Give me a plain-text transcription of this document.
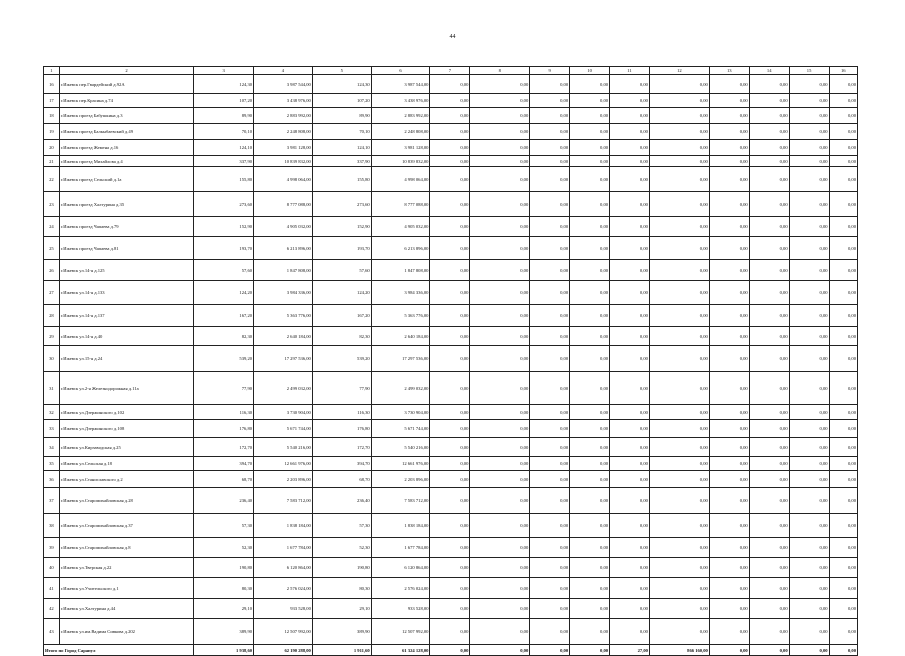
44
1	2	3	4	5	6	7	8	9	10	11	12	13	14	15	16
16	г.Ижевск пер.Гвардейский д.92А	124,30	3 987 544,00	124,30	3 987 544,00	0,00	0,00	0,00	0,00	0,00	0,00	0,00	0,00	0,00	0,00
17	г.Ижевск пер.Красина д.74	107,20	3 438 976,00	107,20	3 438 976,00	0,00	0,00	0,00	0,00	0,00	0,00	0,00	0,00	0,00	0,00
18	г.Ижевск проезд Бабушкина д.3	89,90	2 883 992,00	89,90	2 883 992,00	0,00	0,00	0,00	0,00	0,00	0,00	0,00	0,00	0,00	0,00
19	г.Ижевск проезд Балкыбаевский д.49	70,10	2 248 808,00	70,10	2 248 808,00	0,00	0,00	0,00	0,00	0,00	0,00	0,00	0,00	0,00	0,00
20	г.Ижевск проезд Жемена д.16	124,10	3 981 128,00	124,10	3 981 128,00	0,00	0,00	0,00	0,00	0,00	0,00	0,00	0,00	0,00	0,00
21	г.Ижевск проезд Михайлова д.4	337,90	10 839 832,00	337,90	10 839 832,00	0,00	0,00	0,00	0,00	0,00	0,00	0,00	0,00	0,00	0,00
22	г.Ижевск проезд Сельский д.1а	155,80	4 998 064,00	155,80	4 998 064,00	0,00	0,00	0,00	0,00	0,00	0,00	0,00	0,00	0,00	0,00
23	г.Ижевск проезд Халтурина д.35	273,60	8 777 088,00	273,60	8 777 088,00	0,00	0,00	0,00	0,00	0,00	0,00	0,00	0,00	0,00	0,00
24	г.Ижевск проезд Чапаева д.79	152,90	4 905 032,00	152,90	4 905 032,00	0,00	0,00	0,00	0,00	0,00	0,00	0,00	0,00	0,00	0,00
25	г.Ижевск проезд Чапаева д.81	193,70	6 213 896,00	193,70	6 213 896,00	0,00	0,00	0,00	0,00	0,00	0,00	0,00	0,00	0,00	0,00
26	г.Ижевск ул.14-я д.125	57,60	1 847 808,00	57,60	1 847 808,00	0,00	0,00	0,00	0,00	0,00	0,00	0,00	0,00	0,00	0,00
27	г.Ижевск ул.14-я д.133	124,20	3 984 336,00	124,20	3 984 336,00	0,00	0,00	0,00	0,00	0,00	0,00	0,00	0,00	0,00	0,00
28	г.Ижевск ул.14-я д.137	167,20	5 363 776,00	167,20	5 363 776,00	0,00	0,00	0,00	0,00	0,00	0,00	0,00	0,00	0,00	0,00
29	г.Ижевск ул.14-я д.40	82,30	2 640 184,00	82,30	2 640 184,00	0,00	0,00	0,00	0,00	0,00	0,00	0,00	0,00	0,00	0,00
30	г.Ижевск ул.15-я д.24	539,20	17 297 536,00	539,20	17 297 536,00	0,00	0,00	0,00	0,00	0,00	0,00	0,00	0,00	0,00	0,00
31	г.Ижевск ул.2-я Железнодорожная д.11а	77,90	2 499 032,00	77,90	2 499 032,00	0,00	0,00	0,00	0,00	0,00	0,00	0,00	0,00	0,00	0,00
32	г.Ижевск ул.Дзержинского д.102	116,30	3 730 904,00	116,30	3 730 904,00	0,00	0,00	0,00	0,00	0,00	0,00	0,00	0,00	0,00	0,00
33	г.Ижевск ул.Дзержинского д.108	176,80	5 671 744,00	176,80	5 671 744,00	0,00	0,00	0,00	0,00	0,00	0,00	0,00	0,00	0,00	0,00
34	г.Ижевск ул.Кирзаводская д.25	172,70	5 540 216,00	172,70	5 540 216,00	0,00	0,00	0,00	0,00	0,00	0,00	0,00	0,00	0,00	0,00
35	г.Ижевск ул.Сельская д.18	394,70	12 661 976,00	394,70	12 661 976,00	0,00	0,00	0,00	0,00	0,00	0,00	0,00	0,00	0,00	0,00
36	г.Ижевск ул.Станиславского д.2	68,70	2 203 896,00	68,70	2 203 896,00	0,00	0,00	0,00	0,00	0,00	0,00	0,00	0,00	0,00	0,00
37	г.Ижевск ул.Старомихайловская д.28	236,40	7 583 712,00	236,40	7 583 712,00	0,00	0,00	0,00	0,00	0,00	0,00	0,00	0,00	0,00	0,00
38	г.Ижевск ул.Старомихайловская д.37	57,30	1 838 184,00	57,30	1 838 184,00	0,00	0,00	0,00	0,00	0,00	0,00	0,00	0,00	0,00	0,00
39	г.Ижевск ул.Старомихайловская д.8	52,30	1 677 784,00	52,30	1 677 784,00	0,00	0,00	0,00	0,00	0,00	0,00	0,00	0,00	0,00	0,00
40	г.Ижевск ул.Тверская д.22	190,80	6 120 864,00	190,80	6 120 864,00	0,00	0,00	0,00	0,00	0,00	0,00	0,00	0,00	0,00	0,00
41	г.Ижевск ул.Учительского д.1	80,30	2 576 024,00	80,30	2 576 024,00	0,00	0,00	0,00	0,00	0,00	0,00	0,00	0,00	0,00	0,00
42	г.Ижевск ул.Халтурина д.44	29,10	933 528,00	29,10	933 528,00	0,00	0,00	0,00	0,00	0,00	0,00	0,00	0,00	0,00	0,00
43	г.Ижевск ул.им.Вадима Сивкова д.202	389,90	12 507 992,00	389,90	12 507 992,00	0,00	0,00	0,00	0,00	0,00	0,00	0,00	0,00	0,00	0,00
Итого по Город Сарапул		1 938,60	62 190 288,00	1 911,60	61 324 128,00	0,00	0,00	0,00	0,00	27,00	866 160,00	0,00	0,00	0,00	0,00
